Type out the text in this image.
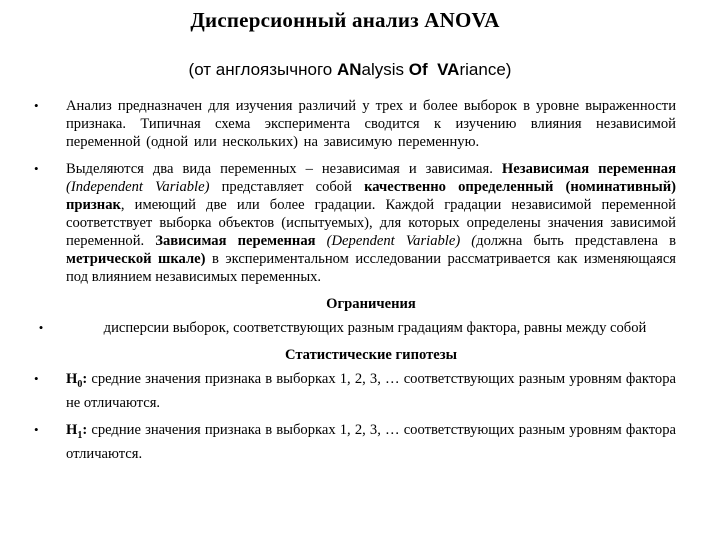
Дисперсионный анализ ANOVA
(от англоязычного ANalysis Of VAriance)
•	Анализ предназначен для изучения различий у трех и более выборок в уровне выраженности признака. Типичная схема эксперимента сводится к изучению влияния независимой переменной (одной или нескольких) на зависимую переменную.
•	Выделяются два вида переменных – независимая и зависимая. Независимая переменная (Independent Variable) представляет собой качественно определенный (номинативный) признак, имеющий две или более градации. Каждой градации независимой переменной соответствует выборка объектов (испытуемых), для которых определены значения зависимой переменной. Зависимая переменная (Dependent Variable) (должна быть представлена в метрической шкале) в экспериментальном исследовании рассматривается как изменяющаяся под влиянием независимых переменных.
Ограничения
•	дисперсии выборок, соответствующих разным градациям фактора, равны между собой
Статистические гипотезы
•	$H_0$: средние значения признака в выборках 1, 2, 3, … соответствующих разным уровням фактора не отличаются.
•	$H_1$: средние значения признака в выборках 1, 2, 3, … соответствующих разным уровням фактора отличаются.
